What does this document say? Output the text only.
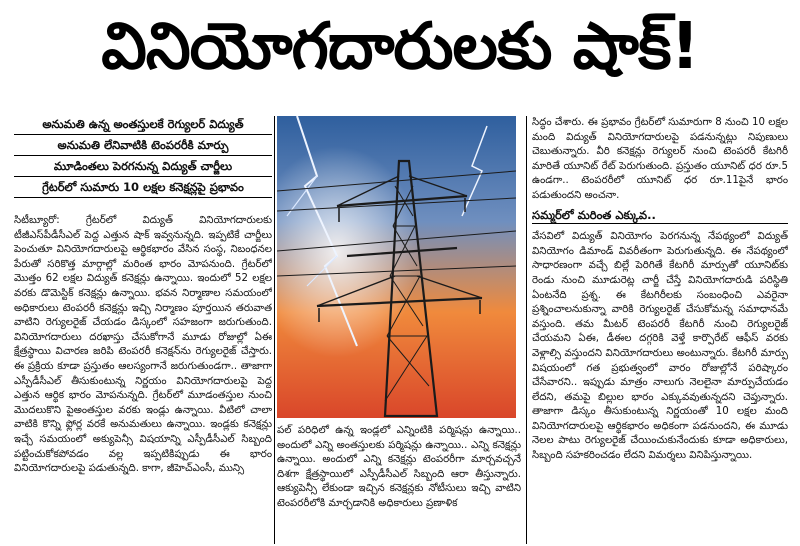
వినియోగదారులకు షాక్!
అనుమతి ఉన్న అంతస్తులకే రెగ్యులర్ విద్యుత్
అనుమతి లేనివాటికి టెంపరరీకి మార్పు
మూడింతలు పెరగనున్న విద్యుత్ చార్జీలు
గ్రేటర్‌లో సుమారు 10 లక్షల కనెక్షన్లపై ప్రభావం

సిటీబ్యూరో: గ్రేటర్‌లో విద్యుత్ వినియోగదారులకు టీజీఎస్‌పీడీసీఎల్ పెద్ద ఎత్తున షాక్ ఇవ్వనున్నది. ఇప్పటికే చార్జీలు పెంచుతూ వినియోగదారులపై ఆర్థికభారం వేసిన సంస్థ, నిబంధనల పేరుతో సరికొత్త మార్గాల్లో మరింత భారం మోపనుంది. గ్రేటర్‌లో మొత్తం 62 లక్షల విద్యుత్ కనెక్షన్లు ఉన్నాయి. ఇందులో 52 లక్షల వరకు డొమెస్టిక్ కనెక్షన్లు ఉన్నాయి. భవన నిర్మాణాల సమయంలో అధికారులు టెంపరరీ కనెక్షన్లు ఇచ్చి నిర్మాణం పూర్తయిన తరువాత వాటిని రెగ్యులరైజ్ చేయడం డిస్కంలో సహజంగా జరుగుతుంది. వినియోగదారులు దరఖాస్తు చేసుకోగానే మూడు రోజుల్లో ఏఈ క్షేత్రస్థాయి విచారణ జరిపి టెంపరరీ కనెక్షన్‌ను రెగ్యులరైజ్ చేస్తారు. ఈ ప్రక్రియ కూడా ప్రస్తుతం ఆలస్యంగానే జరుగుతుండగా.. తాజాగా ఎస్పీడీసీఎల్ తీసుకుంటున్న నిర్ణయం వినియోగదారులపై పెద్ద ఎత్తున ఆర్థిక భారం మోపనున్నది. గ్రేటర్‌లో మూడంతస్తుల నుంచి మొదలుకొని పైఅంతస్తుల వరకు ఇండ్లు ఉన్నాయి. వీటిలో చాలా వాటికి కొన్ని ఫ్లోర్ల వరకే అనుమతులు ఉన్నాయి. ఇండ్లకు కనెక్షన్లు ఇచ్చే సమయంలో అక్యుపెన్సీ విషయాన్ని ఎస్పీడీసీఎల్ సిబ్బంది పట్టించుకోకపోవడం వల్ల ఇప్పటికిప్పుడు ఈ భారం వినియోగదారులపై పడుతున్నది. కాగా, జీహెచ్ఎంసీ, మున్సి

పల్ పరిధిలో ఉన్న ఇండ్లలో ఎన్నింటికి పర్మిషన్లు ఉన్నాయి.. అందులో ఎన్ని అంతస్తులకు పర్మిషన్లు ఉన్నాయి.. ఎన్ని కనెక్షన్లు ఉన్నాయి. అందులో ఎన్ని కనెక్షన్లు టెంపరరీగా మార్చవచ్చనే దిశగా క్షేత్రస్థాయిలో ఎస్పీడీసీఎల్ సిబ్బంది ఆరా తీస్తున్నారు. ఆక్యుపెన్సీ లేకుండా ఇచ్చిన కనెక్షన్లకు నోటీసులు ఇచ్చి వాటిని టెంపరరీలోకి మార్చడానికి అధికారులు ప్రణాళిక

సిద్ధం చేశారు. ఈ ప్రభావం గ్రేటర్‌లో సుమారుగా 8 నుంచి 10 లక్షల మంది విద్యుత్ వినియోగదారులపై పడనున్నట్లు నిపుణులు చెబుతున్నారు. వీరి కనెక్షన్లు రెగ్యులర్ నుంచి టెంపరరీ కేటగిరీ మారితే యూనిట్ రేట్ పెరుగుతుంది. ప్రస్తుతం యూనిట్ ధర రూ.5 ఉండగా.. టెంపరరీలో యూనిట్ ధర రూ.11పైనే భారం పడుతుందని అంచనా.

సమ్మర్‌లో మరింత ఎక్కువ..

వేసవిలో విద్యుత్ వినియోగం పెరగనున్న నేపథ్యంలో విద్యుత్ వినియోగం డిమాండ్ వివరీతంగా పెరుగుతున్నది. ఈ నేపథ్యంలో సాధారణంగా వచ్చే బిల్లే పెరిగితే కేటగిరీ మార్పుతో యూనిట్‌కు రెండు నుంచి మూడురెట్ల చార్జీ చేస్తే వినియోగదారుడి పరిస్థితి ఏంటనేది ప్రశ్న. ఈ కేటగిరీలకు సంబంధించి ఎవరైనా ప్రశ్నించాలనుకున్నా వారికి రెగ్యులరైజ్ చేసుకోమన్న సమాధానమే వస్తుంది. తమ మీటర్ టెంపరరీ కేటగిరీ నుంచి రెగ్యులరైజ్ చేయమని ఏఈ, డీఈల దగ్గరికి వెళ్తే కార్పొరేట్ ఆఫీస్ వరకు వెళ్లాల్సి వస్తుందని వినియోగదారులు అంటున్నారు. కేటగిరీ మార్పు విషయంలో గత ప్రభుత్వంలో వారం రోజుల్లోనే పరిష్కారం చేసేవారని.. ఇప్పుడు మాత్రం నాలుగు నెలలైనా మార్పుచేయడం లేదని, తమపై బిల్లుల భారం ఎక్కువవుతున్నదని చెప్తున్నారు. తాజాగా డిస్కం తీసుకుంటున్న నిర్ణయంతో 10 లక్షల మంది వినియోగదారులపై ఆర్థికభారం అధికంగా పడనుందని, ఈ మూడు నెలల పాటు రెగ్యులరైజ్ చేయించుకునేందుకు కూడా అధికారులు, సిబ్బంది సహకరించడం లేదని విమర్శలు వినిపిస్తున్నాయి.
